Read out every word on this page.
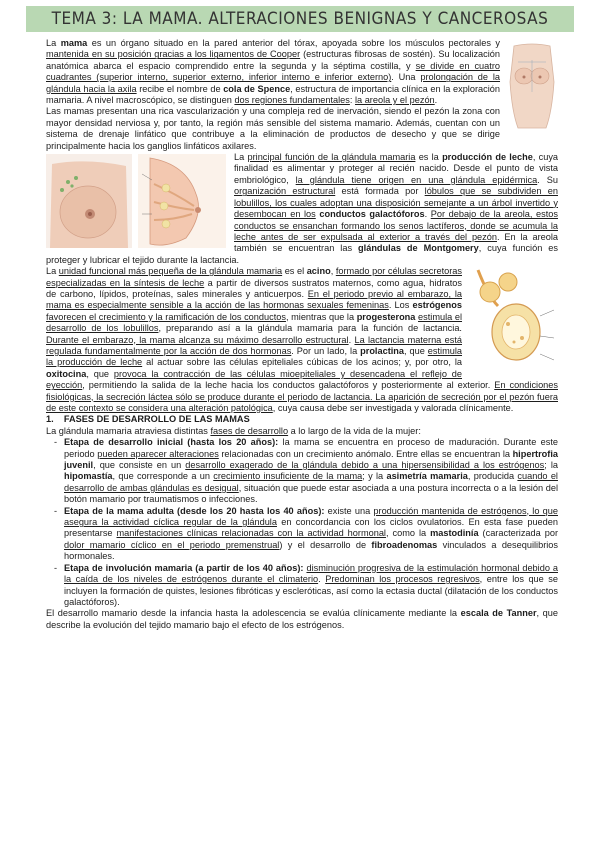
TEMA 3: LA MAMA. ALTERACIONES BENIGNAS Y CANCEROSAS

La mama es un órgano situado en la pared anterior del tórax, apoyada sobre los músculos pectorales y mantenida en su posición gracias a los ligamentos de Cooper (estructuras fibrosas de sostén). Su localización anatómica abarca el espacio comprendido entre la segunda y la séptima costilla, y se divide en cuatro cuadrantes (superior interno, superior externo, inferior interno e inferior externo). Una prolongación de la glándula hacia la axila recibe el nombre de cola de Spence, estructura de importancia clínica en la exploración mamaria. A nivel macroscópico, se distinguen dos regiones fundamentales: la areola y el pezón.

Las mamas presentan una rica vascularización y una compleja red de inervación, siendo el pezón la zona con mayor densidad nerviosa y, por tanto, la región más sensible del sistema mamario. Además, cuentan con un sistema de drenaje linfático que contribuye a la eliminación de productos de desecho y que se dirige principalmente hacia los ganglios linfáticos axilares.

La principal función de la glándula mamaria es la producción de leche, cuya finalidad es alimentar y proteger al recién nacido. Desde el punto de vista embriológico, la glándula tiene origen en una glándula epidérmica. Su organización estructural está formada por lóbulos que se subdividen en lobulillos, los cuales adoptan una disposición semejante a un árbol invertido y desembocan en los conductos galactóforos. Por debajo de la areola, estos conductos se ensanchan formando los senos lactíferos, donde se acumula la leche antes de ser expulsada al exterior a través del pezón. En la areola también se encuentran las glándulas de Montgomery, cuya función es proteger y lubricar el tejido durante la lactancia.

La unidad funcional más pequeña de la glándula mamaria es el acino, formado por células secretoras especializadas en la síntesis de leche a partir de diversos sustratos maternos, como agua, hidratos de carbono, lípidos, proteínas, sales minerales y anticuerpos. En el periodo previo al embarazo, la mama es especialmente sensible a la acción de las hormonas sexuales femeninas. Los estrógenos favorecen el crecimiento y la ramificación de los conductos, mientras que la progesterona estimula el desarrollo de los lobulillos, preparando así a la glándula mamaria para la función de lactancia. Durante el embarazo, la mama alcanza su máximo desarrollo estructural. La lactancia materna está regulada fundamentalmente por la acción de dos hormonas. Por un lado, la prolactina, que estimula la producción de leche al actuar sobre las células epiteliales cúbicas de los acinos; y, por otro, la oxitocina, que provoca la contracción de las células mioepiteliales y desencadena el reflejo de eyección, permitiendo la salida de la leche hacia los conductos galactóforos y posteriormente al exterior. En condiciones fisiológicas, la secreción láctea sólo se produce durante el periodo de lactancia. La aparición de secreción por el pezón fuera de este contexto se considera una alteración patológica, cuya causa debe ser investigada y valorada clínicamente.

1. FASES DE DESARROLLO DE LAS MAMAS

La glándula mamaria atraviesa distintas fases de desarrollo a lo largo de la vida de la mujer:

- Etapa de desarrollo inicial (hasta los 20 años): la mama se encuentra en proceso de maduración. Durante este periodo pueden aparecer alteraciones relacionadas con un crecimiento anómalo. Entre ellas se encuentran la hipertrofia juvenil, que consiste en un desarrollo exagerado de la glándula debido a una hipersensibilidad a los estrógenos; la hipomastía, que corresponde a un crecimiento insuficiente de la mama; y la asimetría mamaria, producida cuando el desarrollo de ambas glándulas es desigual, situación que puede estar asociada a una postura incorrecta o a la lesión del botón mamario por traumatismos o infecciones.
- Etapa de la mama adulta (desde los 20 hasta los 40 años): existe una producción mantenida de estrógenos, lo que asegura la actividad cíclica regular de la glándula en concordancia con los ciclos ovulatorios. En esta fase pueden presentarse manifestaciones clínicas relacionadas con la actividad hormonal, como la mastodinía (caracterizada por dolor mamario cíclico en el periodo premenstrual) y el desarrollo de fibroadenomas vinculados a desequilibrios hormonales.
- Etapa de involución mamaria (a partir de los 40 años): disminución progresiva de la estimulación hormonal debido a la caída de los niveles de estrógenos durante el climaterio. Predominan los procesos regresivos, entre los que se incluyen la formación de quistes, lesiones fibróticas y escleróticas, así como la ectasia ductal (dilatación de los conductos galactóforos).

El desarrollo mamario desde la infancia hasta la adolescencia se evalúa clínicamente mediante la escala de Tanner, que describe la evolución del tejido mamario bajo el efecto de los estrógenos.
